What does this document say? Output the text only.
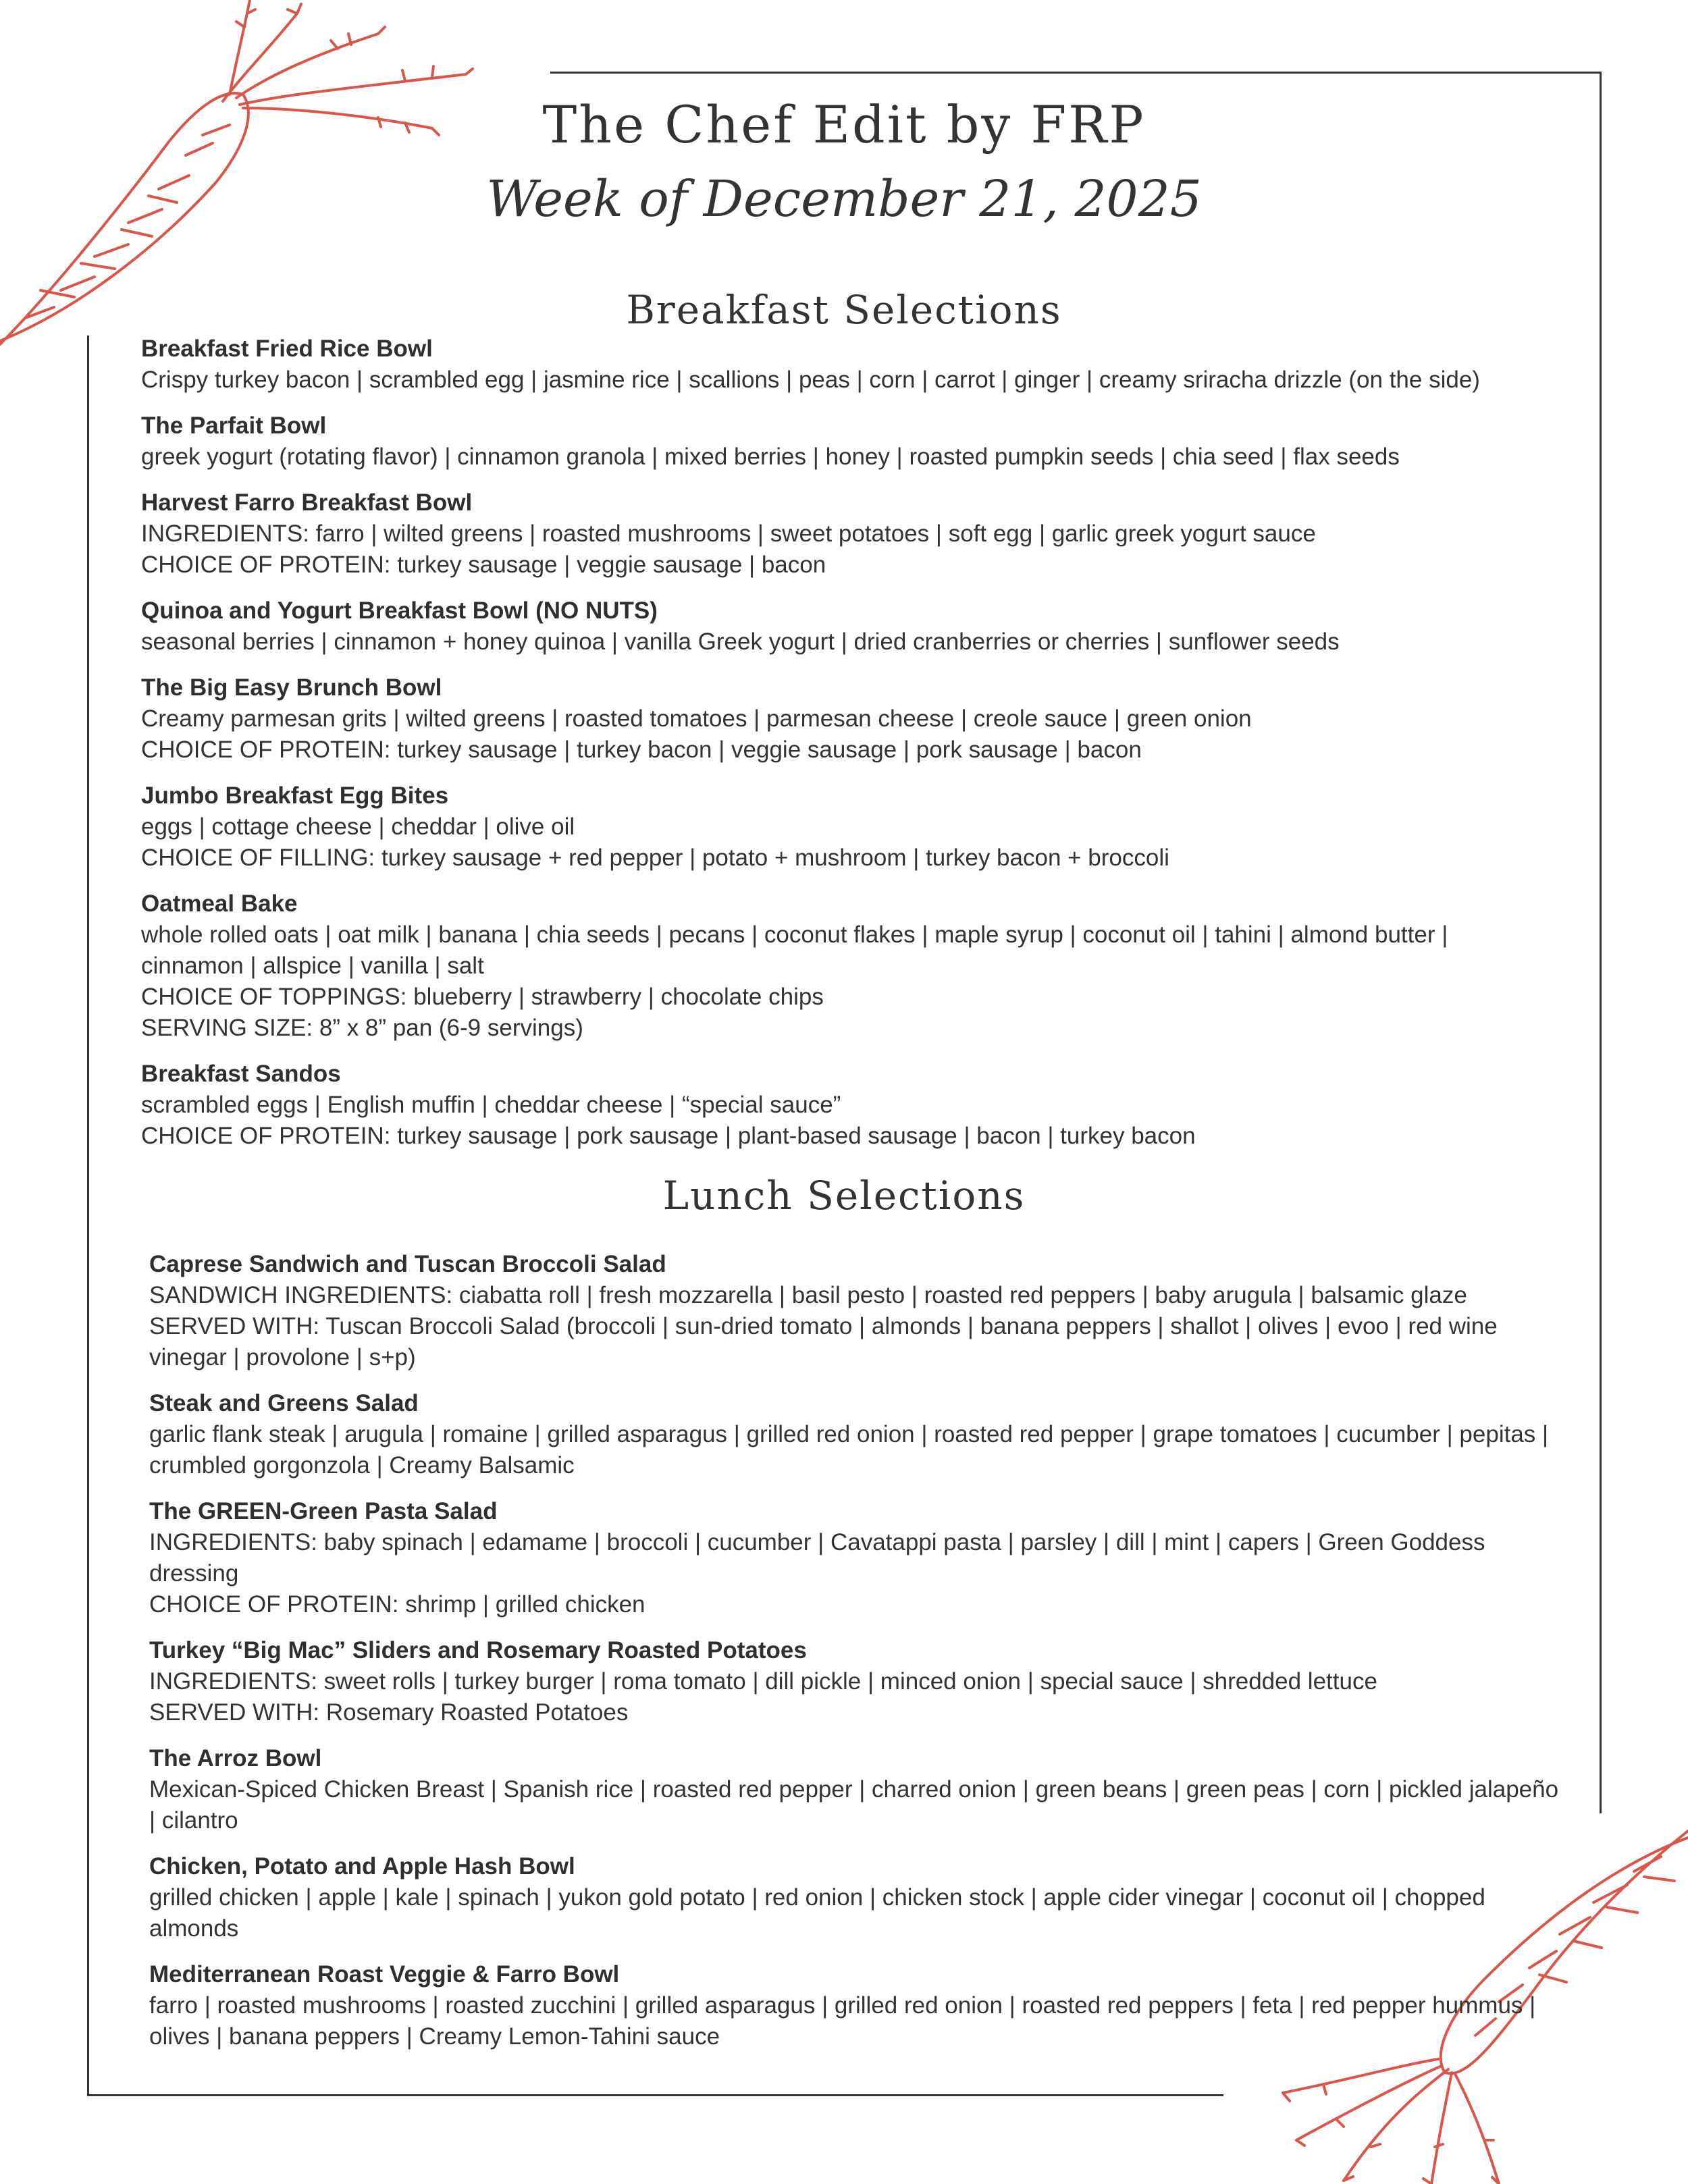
The Chef Edit by FRP
Week of December 21, 2025
Breakfast Selections
Breakfast Fried Rice Bowl
Crispy turkey bacon | scrambled egg | jasmine rice | scallions | peas | corn | carrot | ginger | creamy sriracha drizzle (on the side)
The Parfait Bowl
greek yogurt (rotating flavor) | cinnamon granola | mixed berries | honey | roasted pumpkin seeds | chia seed | flax seeds
Harvest Farro Breakfast Bowl
INGREDIENTS: farro | wilted greens | roasted mushrooms | sweet potatoes | soft egg | garlic greek yogurt sauce
CHOICE OF PROTEIN: turkey sausage | veggie sausage | bacon
Quinoa and Yogurt Breakfast Bowl (NO NUTS)
seasonal berries | cinnamon + honey quinoa | vanilla Greek yogurt | dried cranberries or cherries | sunflower seeds
The Big Easy Brunch Bowl
Creamy parmesan grits | wilted greens | roasted tomatoes | parmesan cheese | creole sauce | green onion
CHOICE OF PROTEIN: turkey sausage | turkey bacon | veggie sausage | pork sausage | bacon
Jumbo Breakfast Egg Bites
eggs | cottage cheese | cheddar | olive oil
CHOICE OF FILLING: turkey sausage + red pepper | potato + mushroom | turkey bacon + broccoli
Oatmeal Bake
whole rolled oats | oat milk | banana | chia seeds | pecans | coconut flakes | maple syrup | coconut oil | tahini | almond butter | cinnamon | allspice | vanilla | salt
CHOICE OF TOPPINGS: blueberry | strawberry | chocolate chips
SERVING SIZE: 8” x 8” pan (6-9 servings)
Breakfast Sandos
scrambled eggs | English muffin | cheddar cheese | “special sauce”
CHOICE OF PROTEIN: turkey sausage | pork sausage | plant-based sausage | bacon | turkey bacon
Lunch Selections
Caprese Sandwich and Tuscan Broccoli Salad
SANDWICH INGREDIENTS: ciabatta roll | fresh mozzarella | basil pesto | roasted red peppers | baby arugula | balsamic glaze
SERVED WITH: Tuscan Broccoli Salad (broccoli | sun-dried tomato | almonds | banana peppers | shallot | olives | evoo | red wine vinegar | provolone | s+p)
Steak and Greens Salad
garlic flank steak | arugula | romaine | grilled asparagus | grilled red onion | roasted red pepper | grape tomatoes | cucumber | pepitas | crumbled gorgonzola | Creamy Balsamic
The GREEN-Green Pasta Salad
INGREDIENTS: baby spinach | edamame | broccoli | cucumber | Cavatappi pasta | parsley | dill | mint | capers | Green Goddess dressing
CHOICE OF PROTEIN: shrimp | grilled chicken
Turkey “Big Mac” Sliders and Rosemary Roasted Potatoes
INGREDIENTS: sweet rolls | turkey burger | roma tomato | dill pickle | minced onion | special sauce | shredded lettuce
SERVED WITH: Rosemary Roasted Potatoes
The Arroz Bowl
Mexican-Spiced Chicken Breast | Spanish rice | roasted red pepper | charred onion | green beans | green peas | corn | pickled jalapeño | cilantro
Chicken, Potato and Apple Hash Bowl
grilled chicken | apple | kale | spinach | yukon gold potato | red onion | chicken stock | apple cider vinegar | coconut oil | chopped almonds
Mediterranean Roast Veggie & Farro Bowl
farro | roasted mushrooms | roasted zucchini | grilled asparagus | grilled red onion | roasted red peppers | feta | red pepper hummus | olives | banana peppers | Creamy Lemon-Tahini sauce
